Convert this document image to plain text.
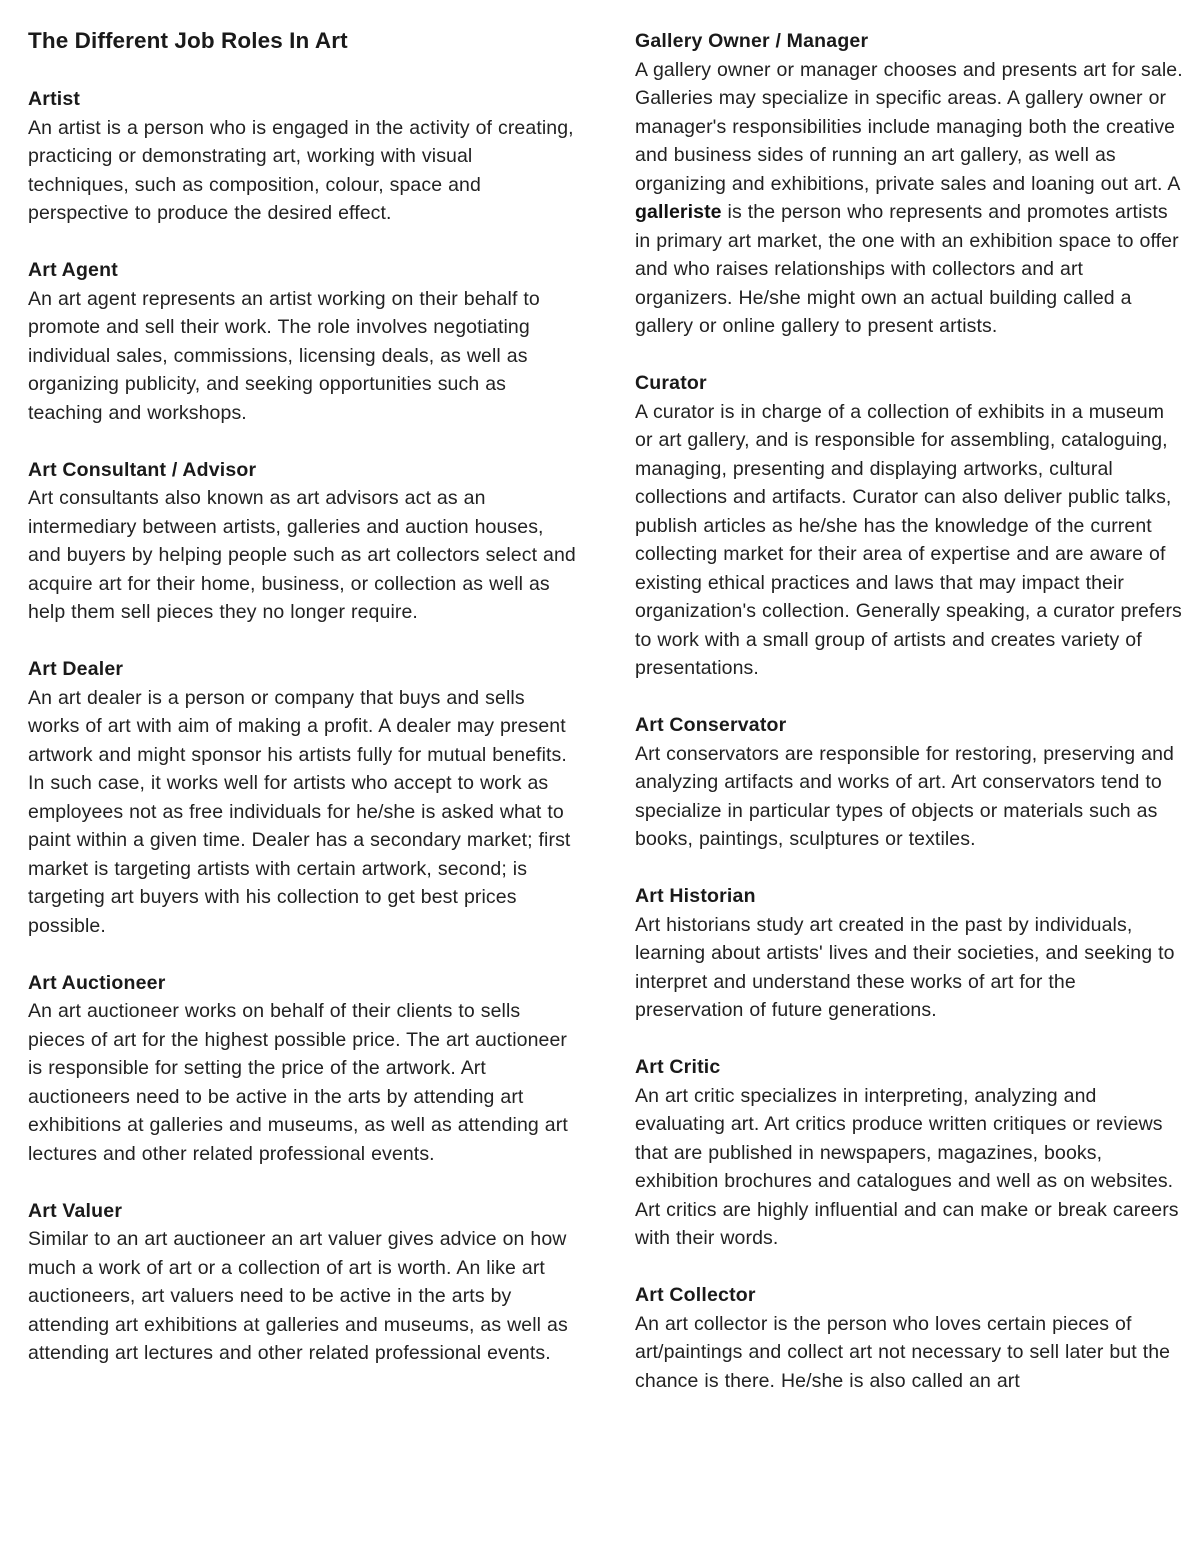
The Different Job Roles In Art
Artist
An artist is a person who is engaged in the activity of creating, practicing or demonstrating art, working with visual techniques, such as composition, colour, space and perspective to produce the desired effect.
Art Agent
An art agent represents an artist working on their behalf to promote and sell their work. The role involves negotiating individual sales, commissions, licensing deals, as well as organizing publicity, and seeking opportunities such as teaching and workshops.
Art Consultant / Advisor
Art consultants also known as art advisors act as an intermediary between artists, galleries and auction houses, and buyers by helping people such as art collectors select and acquire art for their home, business, or collection as well as help them sell pieces they no longer require.
Art Dealer
An art dealer is a person or company that buys and sells works of art with aim of making a profit. A dealer may present artwork and might sponsor his artists fully for mutual benefits. In such case, it works well for artists who accept to work as employees not as free individuals for he/she is asked what to paint within a given time. Dealer has a secondary market; first market is targeting artists with certain artwork, second; is targeting art buyers with his collection to get best prices possible.
Art Auctioneer
An art auctioneer works on behalf of their clients to sells pieces of art for the highest possible price. The art auctioneer is responsible for setting the price of the artwork. Art auctioneers need to be active in the arts by attending art exhibitions at galleries and museums, as well as attending art lectures and other related professional events.
Art Valuer
Similar to an art auctioneer an art valuer gives advice on how much a work of art or a collection of art is worth. An like art auctioneers, art valuers need to be active in the arts by attending art exhibitions at galleries and museums, as well as attending art lectures and other related professional events.
Gallery Owner / Manager
A gallery owner or manager chooses and presents art for sale. Galleries may specialize in specific areas. A gallery owner or manager's responsibilities include managing both the creative and business sides of running an art gallery, as well as organizing and exhibitions, private sales and loaning out art. A galleriste is the person who represents and promotes artists in primary art market, the one with an exhibition space to offer and who raises relationships with collectors and art organizers. He/she might own an actual building called a gallery or online gallery to present artists.
Curator
A curator is in charge of a collection of exhibits in a museum or art gallery, and is responsible for assembling, cataloguing, managing, presenting and displaying artworks, cultural collections and artifacts. Curator can also deliver public talks, publish articles as he/she has the knowledge of the current collecting market for their area of expertise and are aware of existing ethical practices and laws that may impact their organization's collection. Generally speaking, a curator prefers to work with a small group of artists and creates variety of presentations.
Art Conservator
Art conservators are responsible for restoring, preserving and analyzing artifacts and works of art. Art conservators tend to specialize in particular types of objects or materials such as books, paintings, sculptures or textiles.
Art Historian
Art historians study art created in the past by individuals, learning about artists' lives and their societies, and seeking to interpret and understand these works of art for the preservation of future generations.
Art Critic
An art critic specializes in interpreting, analyzing and evaluating art. Art critics produce written critiques or reviews that are published in newspapers, magazines, books, exhibition brochures and catalogues and well as on websites. Art critics are highly influential and can make or break careers with their words.
Art Collector
An art collector is the person who loves certain pieces of art/paintings and collect art not necessary to sell later but the chance is there. He/she is also called an art
